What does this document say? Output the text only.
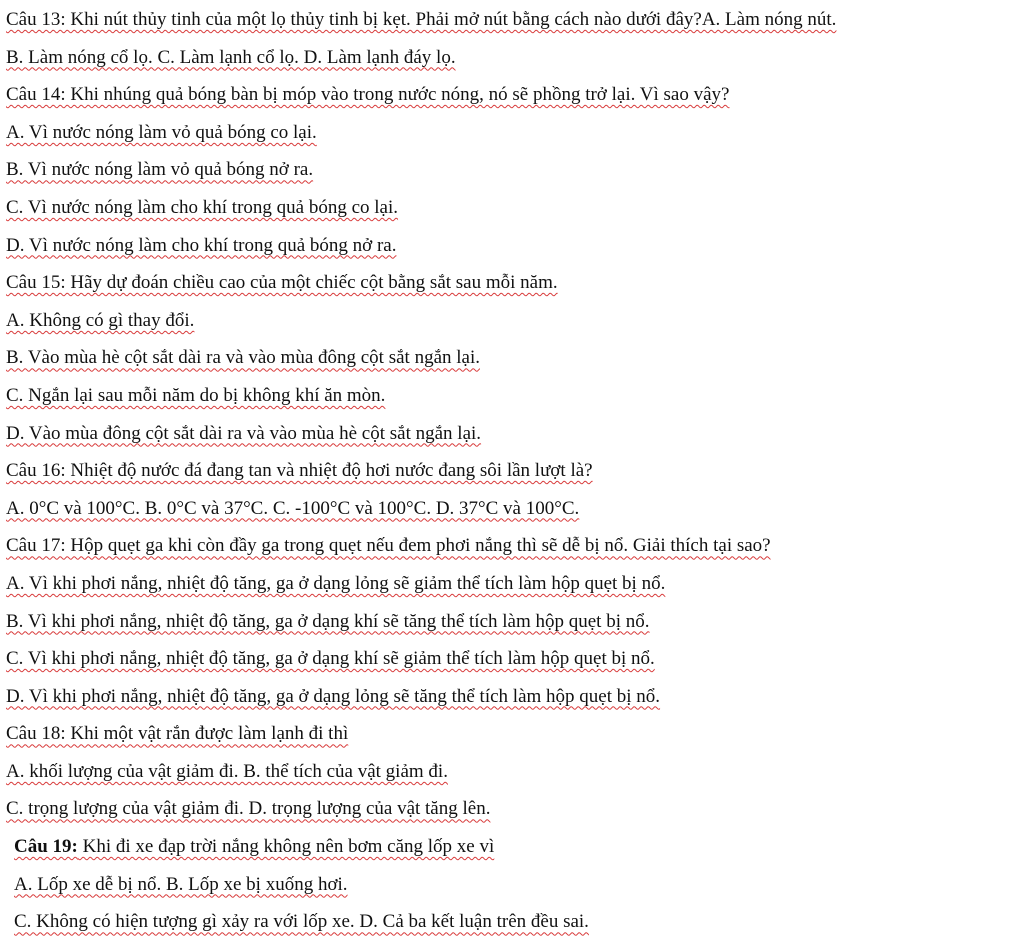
Câu 13: Khi nút thủy tinh của một lọ thủy tinh bị kẹt. Phải mở nút bằng cách nào dưới đây?A. Làm nóng nút.
B. Làm nóng cổ lọ. C. Làm lạnh cổ lọ. D. Làm lạnh đáy lọ.
Câu 14: Khi nhúng quả bóng bàn bị móp vào trong nước nóng, nó sẽ phồng trở lại. Vì sao vậy?
A. Vì nước nóng làm vỏ quả bóng co lại.
B. Vì nước nóng làm vỏ quả bóng nở ra.
C. Vì nước nóng làm cho khí trong quả bóng co lại.
D. Vì nước nóng làm cho khí trong quả bóng nở ra.
Câu 15: Hãy dự đoán chiều cao của một chiếc cột bằng sắt sau mỗi năm.
A. Không có gì thay đổi.
B. Vào mùa hè cột sắt dài ra và vào mùa đông cột sắt ngắn lại.
C. Ngắn lại sau mỗi năm do bị không khí ăn mòn.
D. Vào mùa đông cột sắt dài ra và vào mùa hè cột sắt ngắn lại.
Câu 16: Nhiệt độ nước đá đang tan và nhiệt độ hơi nước đang sôi lần lượt là?
A. 0°C và 100°C. B. 0°C và 37°C. C. -100°C và 100°C. D. 37°C và 100°C.
Câu 17: Hộp quẹt ga khi còn đầy ga trong quẹt nếu đem phơi nắng thì sẽ dễ bị nổ. Giải thích tại sao?
A. Vì khi phơi nắng, nhiệt độ tăng, ga ở dạng lỏng sẽ giảm thể tích làm hộp quẹt bị nổ.
B. Vì khi phơi nắng, nhiệt độ tăng, ga ở dạng khí sẽ tăng thể tích làm hộp quẹt bị nổ.
C. Vì khi phơi nắng, nhiệt độ tăng, ga ở dạng khí sẽ giảm thể tích làm hộp quẹt bị nổ.
D. Vì khi phơi nắng, nhiệt độ tăng, ga ở dạng lỏng sẽ tăng thể tích làm hộp quẹt bị nổ.
Câu 18: Khi một vật rắn được làm lạnh đi thì
A. khối lượng của vật giảm đi. B. thể tích của vật giảm đi.
C. trọng lượng của vật giảm đi. D. trọng lượng của vật tăng lên.
Câu 19: Khi đi xe đạp trời nắng không nên bơm căng lốp xe vì
A. Lốp xe dễ bị nổ. B. Lốp xe bị xuống hơi.
C. Không có hiện tượng gì xảy ra với lốp xe. D. Cả ba kết luận trên đều sai.
